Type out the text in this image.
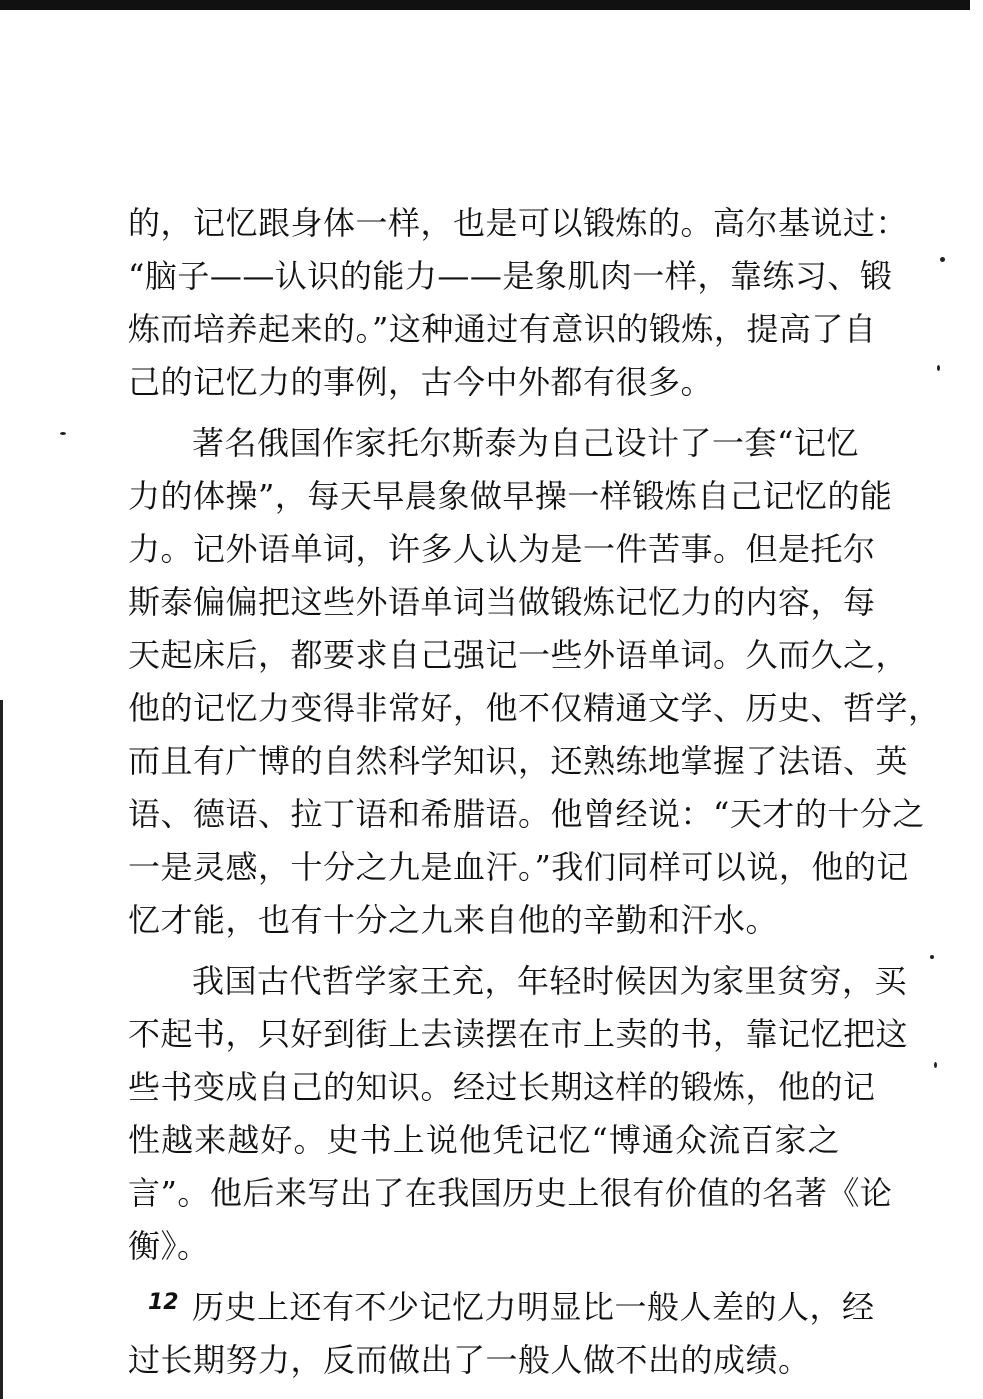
的，记忆跟身体一样，也是可以锻炼的。高尔基说过：
“脑子——认识的能力——是象肌肉一样，靠练习、锻
炼而培养起来的。”这种通过有意识的锻炼，提高了自
己的记忆力的事例，古今中外都有很多。
著名俄国作家托尔斯泰为自己设计了一套“记忆
力的体操”，每天早晨象做早操一样锻炼自己记忆的能
力。记外语单词，许多人认为是一件苦事。但是托尔
斯泰偏偏把这些外语单词当做锻炼记忆力的内容，每
天起床后，都要求自己强记一些外语单词。久而久之，
他的记忆力变得非常好，他不仅精通文学、历史、哲学，
而且有广博的自然科学知识，还熟练地掌握了法语、英
语、德语、拉丁语和希腊语。他曾经说：“天才的十分之
一是灵感，十分之九是血汗。”我们同样可以说，他的记
忆才能，也有十分之九来自他的辛勤和汗水。
我国古代哲学家王充，年轻时候因为家里贫穷，买
不起书，只好到街上去读摆在市上卖的书，靠记忆把这
些书变成自己的知识。经过长期这样的锻炼，他的记
性越来越好。史书上说他凭记忆“博通众流百家之
言”。他后来写出了在我国历史上很有价值的名著《论
衡》。
历史上还有不少记忆力明显比一般人差的人，经
过长期努力，反而做出了一般人做不出的成绩。
12
